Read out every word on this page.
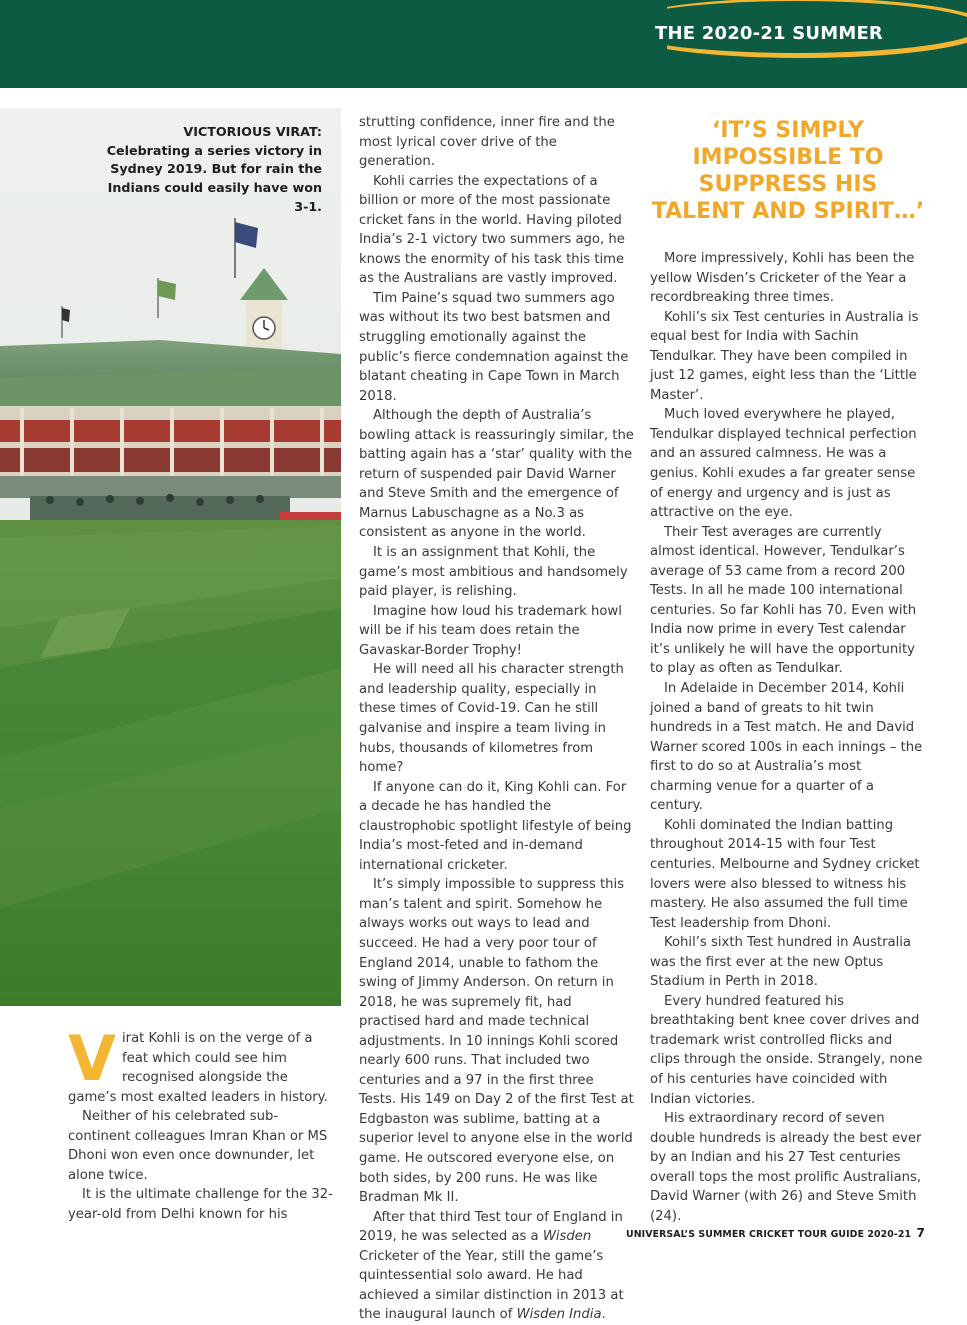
THE 2020-21 SUMMER
VICTORIOUS VIRAT: Celebrating a series victory in Sydney 2019. But for rain the Indians could easily have won 3-1.
‘IT’S SIMPLY IMPOSSIBLE TO SUPPRESS HIS TALENT AND SPIRIT…’

Virat Kohli is on the verge of a feat which could see him recognised alongside the game’s most exalted leaders in history.

Neither of his celebrated sub-continent colleagues Imran Khan or MS Dhoni won even once downunder, let alone twice.

It is the ultimate challenge for the 32-year-old from Delhi known for his

strutting confidence, inner fire and the most lyrical cover drive of the generation.

Kohli carries the expectations of a billion or more of the most passionate cricket fans in the world. Having piloted India’s 2-1 victory two summers ago, he knows the enormity of his task this time as the Australians are vastly improved.

Tim Paine’s squad two summers ago was without its two best batsmen and struggling emotionally against the public’s fierce condemnation against the blatant cheating in Cape Town in March 2018.

Although the depth of Australia’s bowling attack is reassuringly similar, the batting again has a ‘star’ quality with the return of suspended pair David Warner and Steve Smith and the emergence of Marnus Labuschagne as a No.3 as consistent as anyone in the world.

It is an assignment that Kohli, the game’s most ambitious and handsomely paid player, is relishing.

Imagine how loud his trademark howl will be if his team does retain the Gavaskar-Border Trophy!

He will need all his character strength and leadership quality, especially in these times of Covid-19. Can he still galvanise and inspire a team living in hubs, thousands of kilometres from home?

If anyone can do it, King Kohli can. For a decade he has handled the claustrophobic spotlight lifestyle of being India’s most-feted and in-demand international cricketer.

It’s simply impossible to suppress this man’s talent and spirit. Somehow he always works out ways to lead and succeed. He had a very poor tour of England 2014, unable to fathom the swing of Jimmy Anderson. On return in 2018, he was supremely fit, had practised hard and made technical adjustments. In 10 innings Kohli scored nearly 600 runs. That included two centuries and a 97 in the first three Tests. His 149 on Day 2 of the first Test at Edgbaston was sublime, batting at a superior level to anyone else in the world game. He outscored everyone else, on both sides, by 200 runs. He was like Bradman Mk II.

After that third Test tour of England in 2019, he was selected as a Wisden Cricketer of the Year, still the game’s quintessential solo award. He had achieved a similar distinction in 2013 at the inaugural launch of Wisden India.

More impressively, Kohli has been the yellow Wisden’s Cricketer of the Year a recordbreaking three times.

Kohli’s six Test centuries in Australia is equal best for India with Sachin Tendulkar. They have been compiled in just 12 games, eight less than the ‘Little Master’.

Much loved everywhere he played, Tendulkar displayed technical perfection and an assured calmness. He was a genius. Kohli exudes a far greater sense of energy and urgency and is just as attractive on the eye.

Their Test averages are currently almost identical. However, Tendulkar’s average of 53 came from a record 200 Tests. In all he made 100 international centuries. So far Kohli has 70. Even with India now prime in every Test calendar it’s unlikely he will have the opportunity to play as often as Tendulkar.

In Adelaide in December 2014, Kohli joined a band of greats to hit twin hundreds in a Test match. He and David Warner scored 100s in each innings – the first to do so at Australia’s most charming venue for a quarter of a century.

Kohli dominated the Indian batting throughout 2014-15 with four Test centuries. Melbourne and Sydney cricket lovers were also blessed to witness his mastery. He also assumed the full time Test leadership from Dhoni.

Kohil’s sixth Test hundred in Australia was the first ever at the new Optus Stadium in Perth in 2018.

Every hundred featured his breathtaking bent knee cover drives and trademark wrist controlled flicks and clips through the onside. Strangely, none of his centuries have coincided with Indian victories.

His extraordinary record of seven double hundreds is already the best ever by an Indian and his 27 Test centuries overall tops the most prolific Australians, David Warner (with 26) and Steve Smith (24).

UNIVERSAL’S SUMMER CRICKET TOUR GUIDE 2020-21 7
